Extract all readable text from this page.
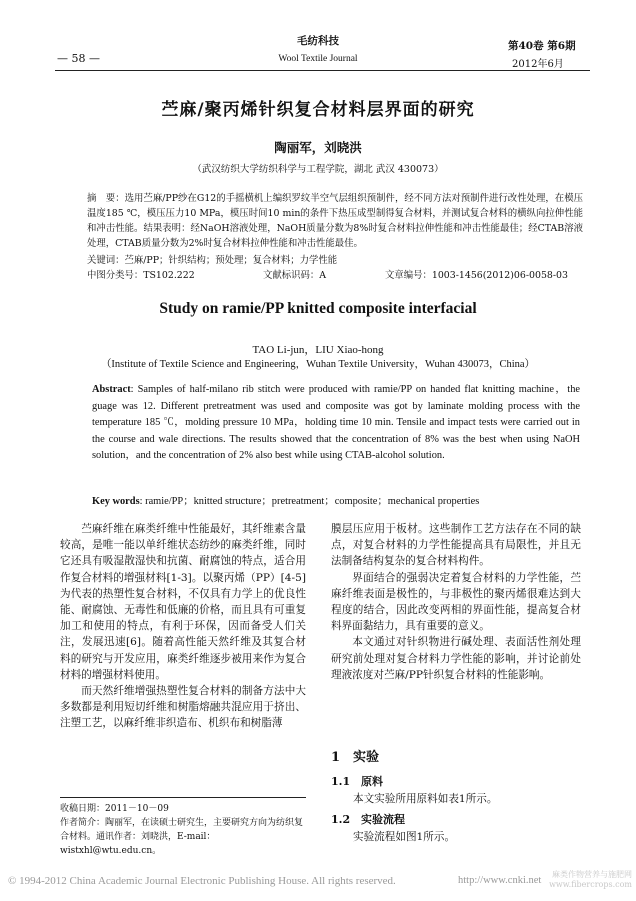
毛纺科技
— 58 —	Wool Textile Journal
第40卷 第6期
2012年6月
苎麻/聚丙烯针织复合材料层界面的研究
陶丽军，刘晓洪
（武汉纺织大学纺织科学与工程学院，湖北 武汉 430073）
摘　要：选用苎麻/PP纱在G12的手摇横机上编织罗纹半空气层组织预制件，经不同方法对预制件进行改性处理，在模压温度185 ℃，模压压力10 MPa，模压时间10 min的条件下热压成型制得复合材料，并测试复合材料的横纵向拉伸性能和冲击性能。结果表明：经NaOH溶液处理，NaOH质量分数为8%时复合材料拉伸性能和冲击性能最佳；经CTAB溶液处理，CTAB质量分数为2%时复合材料拉伸性能和冲击性能最佳。
关键词：苎麻/PP；针织结构；预处理；复合材料；力学性能
中图分类号：TS102.222	文献标识码：A	文章编号：1003-1456(2012)06-0058-03
Study on ramie/PP knitted composite interfacial
TAO Li-jun，LIU Xiao-hong
（Institute of Textile Science and Engineering，Wuhan Textile University，Wuhan 430073，China）
Abstract: Samples of half-milano rib stitch were produced with ramie/PP on handed flat knitting machine，the guage was 12. Different pretreatment was used and composite was got by laminate molding process with the temperature 185 ℃，molding pressure 10 MPa，holding time 10 min. Tensile and impact tests were carried out in the course and wale directions. The results showed that the concentration of 8% was the best when using NaOH solution，and the concentration of 2% also best while using CTAB-alcohol solution.
Key words: ramie/PP；knitted structure；pretreatment；composite；mechanical properties
苎麻纤维在麻类纤维中性能最好，其纤维素含量较高，是唯一能以单纤维状态纺纱的麻类纤维，同时它还具有吸湿散湿快和抗菌、耐腐蚀的特点，适合用作复合材料的增强材料[1-3]。以聚丙烯（PP）[4-5]为代表的热塑性复合材料，不仅具有力学上的优良性能、耐腐蚀、无毒性和低廉的价格，而且具有可重复加工和使用的特点，有利于环保，因而备受人们关注，发展迅速[6]。随着高性能天然纤维及其复合材料的研究与开发应用，麻类纤维逐步被用来作为复合材料的增强材料使用。
而天然纤维增强热塑性复合材料的制备方法中大多数都是利用短切纤维和树脂熔融共混应用于挤出、注塑工艺，以麻纤维非织造布、机织布和树脂薄
膜层压应用于板材。这些制作工艺方法存在不同的缺点，对复合材料的力学性能提高具有局限性，并且无法制备结构复杂的复合材料构件。
界面结合的强弱决定着复合材料的力学性能，苎麻纤维表面是极性的，与非极性的聚丙烯很难达到大程度的结合，因此改变两相的界面性能，提高复合材料界面黏结力，具有重要的意义。
本文通过对针织物进行碱处理、表面活性剂处理研究前处理对复合材料力学性能的影响，并讨论前处理液浓度对苎麻/PP针织复合材料的性能影响。
1 实验
1.1 原料
本文实验所用原料如表1所示。
1.2 实验流程
实验流程如图1所示。
收稿日期：2011－10－09
作者简介：陶丽军，在读硕士研究生，主要研究方向为纺织复合材料。通讯作者：刘晓洪，E-mail：wistxhl@wtu.edu.cn。
© 1994-2012 China Academic Journal Electronic Publishing House. All rights reserved.	http://www.cnki.net
麻类作物营养与施肥网 www.fibercrops.com
